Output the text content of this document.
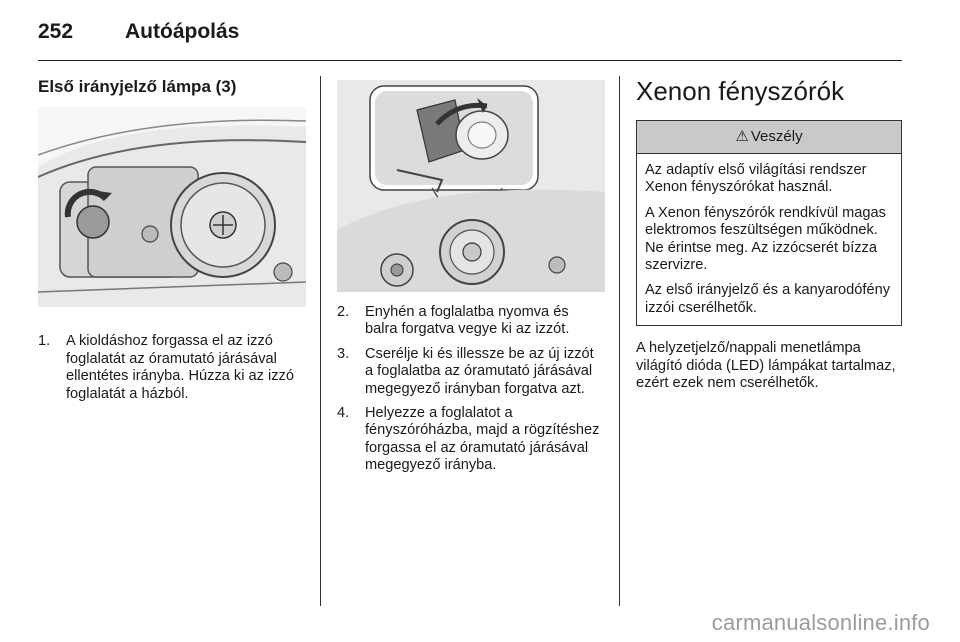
252 Autóápolás
Első irányjelző lámpa (3)
1.	A kioldáshoz forgassa el az izzó foglalatát az óramutató járásával ellentétes irányba. Húzza ki az izzó foglalatát a házból.
2.	Enyhén a foglalatba nyomva és balra forgatva vegye ki az izzót.
3.	Cserélje ki és illessze be az új izzót a foglalatba az óramutató járásával megegyező irányban forgatva azt.
4.	Helyezze a foglalatot a fényszóróházba, majd a rögzítéshez forgassa el az óramutató járásával megegyező irányba.
Xenon fényszórók
⚠ Veszély

Az adaptív első világítási rendszer Xenon fényszórókat használ.

A Xenon fényszórók rendkívül magas elektromos feszültségen működnek. Ne érintse meg. Az izzócserét bízza szervizre.

Az első irányjelző és a kanyarodófény izzói cserélhetők.

A helyzetjelző/nappali menetlámpa világító dióda (LED) lámpákat tartalmaz, ezért ezek nem cserélhetők.
carmanualsonline.info
